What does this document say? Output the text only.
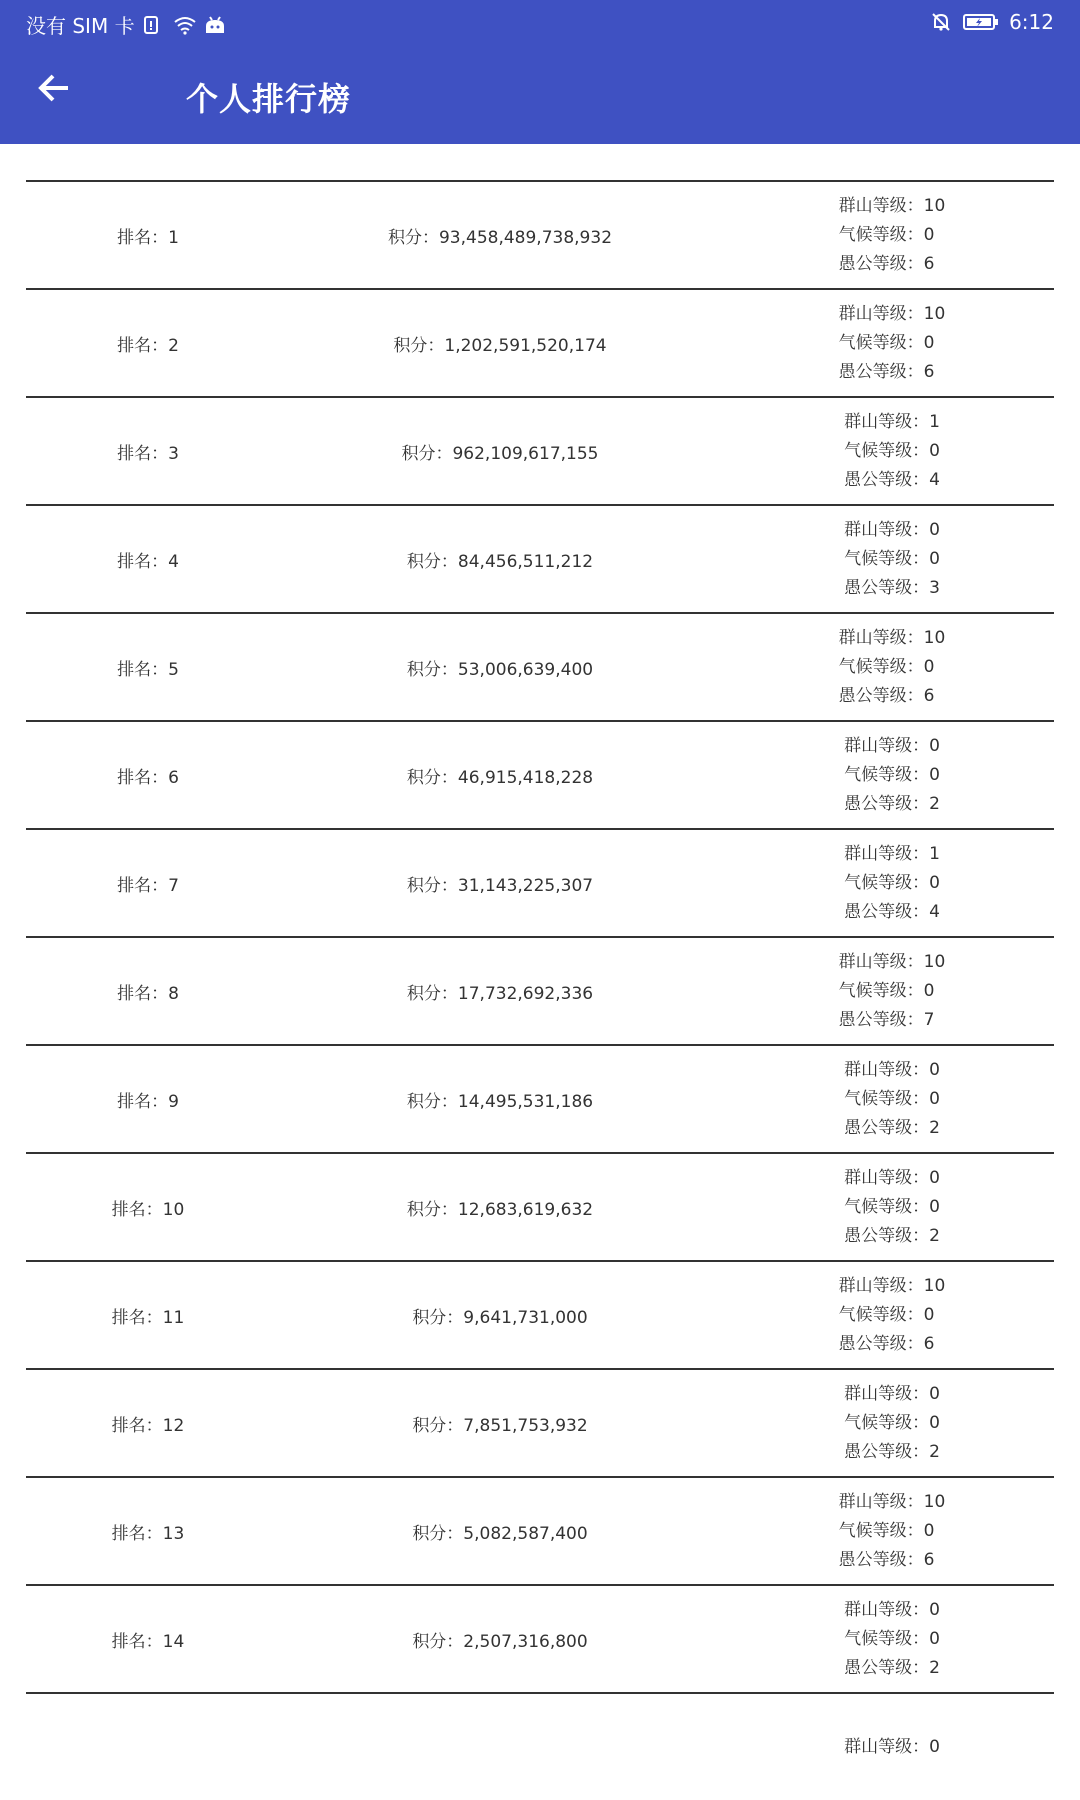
没有 SIM 卡	6:12
个人排行榜
排名：1	积分：93,458,489,738,932
群山等级：10
气候等级：0
愚公等级：6
排名：2	积分：1,202,591,520,174
群山等级：10
气候等级：0
愚公等级：6
排名：3	积分：962,109,617,155
群山等级：1
气候等级：0
愚公等级：4
排名：4	积分：84,456,511,212
群山等级：0
气候等级：0
愚公等级：3
排名：5	积分：53,006,639,400
群山等级：10
气候等级：0
愚公等级：6
排名：6	积分：46,915,418,228
群山等级：0
气候等级：0
愚公等级：2
排名：7	积分：31,143,225,307
群山等级：1
气候等级：0
愚公等级：4
排名：8	积分：17,732,692,336
群山等级：10
气候等级：0
愚公等级：7
排名：9	积分：14,495,531,186
群山等级：0
气候等级：0
愚公等级：2
排名：10	积分：12,683,619,632
群山等级：0
气候等级：0
愚公等级：2
排名：11	积分：9,641,731,000
群山等级：10
气候等级：0
愚公等级：6
排名：12	积分：7,851,753,932
群山等级：0
气候等级：0
愚公等级：2
排名：13	积分：5,082,587,400
群山等级：10
气候等级：0
愚公等级：6
排名：14	积分：2,507,316,800
群山等级：0
气候等级：0
愚公等级：2
群山等级：0
